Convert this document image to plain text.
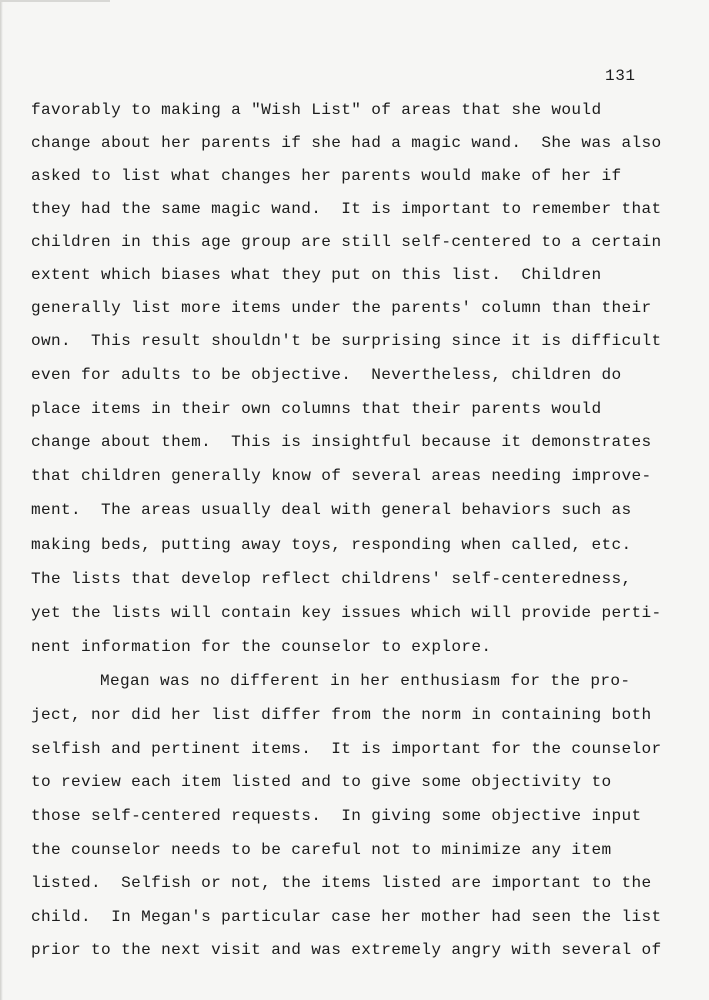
131
favorably to making a "Wish List" of areas that she would
change about her parents if she had a magic wand.  She was also
asked to list what changes her parents would make of her if
they had the same magic wand.  It is important to remember that
children in this age group are still self-centered to a certain
extent which biases what they put on this list.  Children
generally list more items under the parents' column than their
own.  This result shouldn't be surprising since it is difficult
even for adults to be objective.  Nevertheless, children do
place items in their own columns that their parents would
change about them.  This is insightful because it demonstrates
that children generally know of several areas needing improve-
ment.  The areas usually deal with general behaviors such as
making beds, putting away toys, responding when called, etc.
The lists that develop reflect childrens' self-centeredness,
yet the lists will contain key issues which will provide perti-
nent information for the counselor to explore.
Megan was no different in her enthusiasm for the pro-
ject, nor did her list differ from the norm in containing both
selfish and pertinent items.  It is important for the counselor
to review each item listed and to give some objectivity to
those self-centered requests.  In giving some objective input
the counselor needs to be careful not to minimize any item
listed.  Selfish or not, the items listed are important to the
child.  In Megan's particular case her mother had seen the list
prior to the next visit and was extremely angry with several of
